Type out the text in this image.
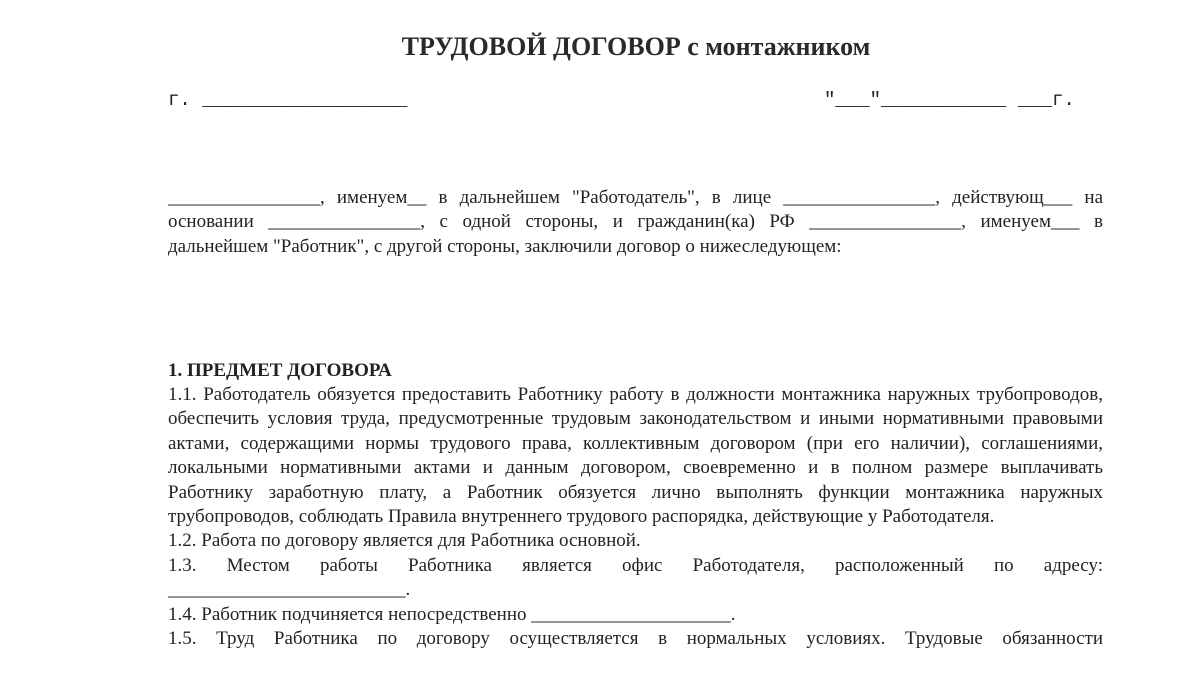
ТРУДОВОЙ ДОГОВОР с монтажником
г. __________________	"___"___________ ___г.
________________, именуем__ в дальнейшем "Работодатель", в лице ________________, действующ___ на основании ________________, с одной стороны, и гражданин(ка) РФ ________________, именуем___ в дальнейшем "Работник", с другой стороны, заключили договор о нижеследующем:
1. ПРЕДМЕТ ДОГОВОРА

1.1. Работодатель обязуется предоставить Работнику работу в должности монтажника наружных трубопроводов, обеспечить условия труда, предусмотренные трудовым законодательством и иными нормативными правовыми актами, содержащими нормы трудового права, коллективным договором (при его наличии), соглашениями, локальными нормативными актами и данным договором, своевременно и в полном размере выплачивать Работнику заработную плату, а Работник обязуется лично выполнять функции монтажника наружных трубопроводов, соблюдать Правила внутреннего трудового распорядка, действующие у Работодателя.

1.2. Работа по договору является для Работника основной.

1.3. Местом работы Работника является офис Работодателя, расположенный по адресу: _________________________.

1.4. Работник подчиняется непосредственно _____________________.

1.5. Труд Работника по договору осуществляется в нормальных условиях. Трудовые обязанности
